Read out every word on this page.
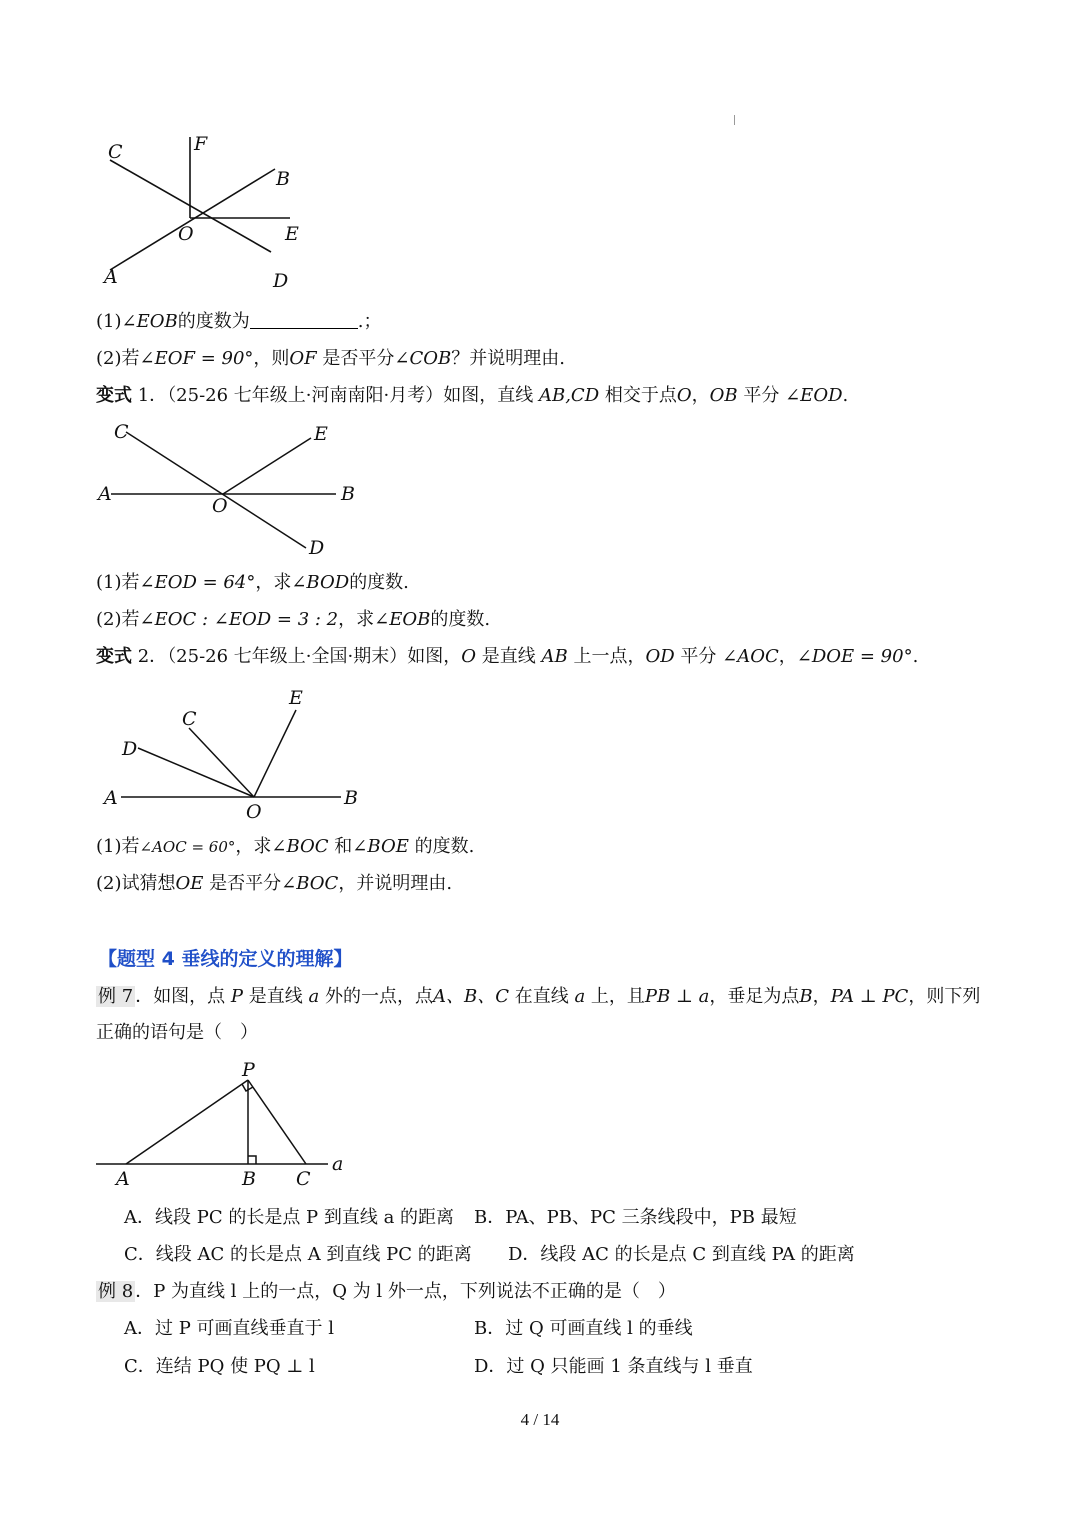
C	F
B
O	E
A	D
(1)∠EOB的度数为	.；
(2)若∠EOF = 90°，则OF 是否平分∠COB？并说明理由.
变式 1．（25-26 七年级上·河南南阳·月考）如图，直线 AB,CD 相交于点O，OB 平分 ∠EOD.
C	E
A	B
O
D
(1)若∠EOD = 64°，求∠BOD的度数.
(2)若∠EOC : ∠EOD = 3 : 2，求∠EOB的度数.
变式 2．（25-26 七年级上·全国·期末）如图，O 是直线 AB 上一点，OD 平分 ∠AOC，∠DOE = 90°.
E
C
D
A
O
B
(1)若∠AOC = 60°，求∠BOC 和∠BOE 的度数.
(2)试猜想OE 是否平分∠BOC，并说明理由.
【题型 4 垂线的定义的理解】
例 7 ．如图，点 P 是直线 a 外的一点，点A、B、C 在直线 a 上，且PB ⊥ a，垂足为点B，PA ⊥ PC，则下列
正确的语句是（　）
P
A	B C
a
A．线段 PC 的长是点 P 到直线 a 的距离 B．PA、PB、PC 三条线段中，PB 最短
C．线段 AC 的长是点 A 到直线 PC 的距离 D．线段 AC 的长是点 C 到直线 PA 的距离
例 8 ．P 为直线 l 上的一点，Q 为 l 外一点，下列说法不正确的是（　）
A．过 P 可画直线垂直于 l	B．过 Q 可画直线 l 的垂线
C．连结 PQ 使 PQ ⊥ l	D．过 Q 只能画 1 条直线与 l 垂直
4 / 14
